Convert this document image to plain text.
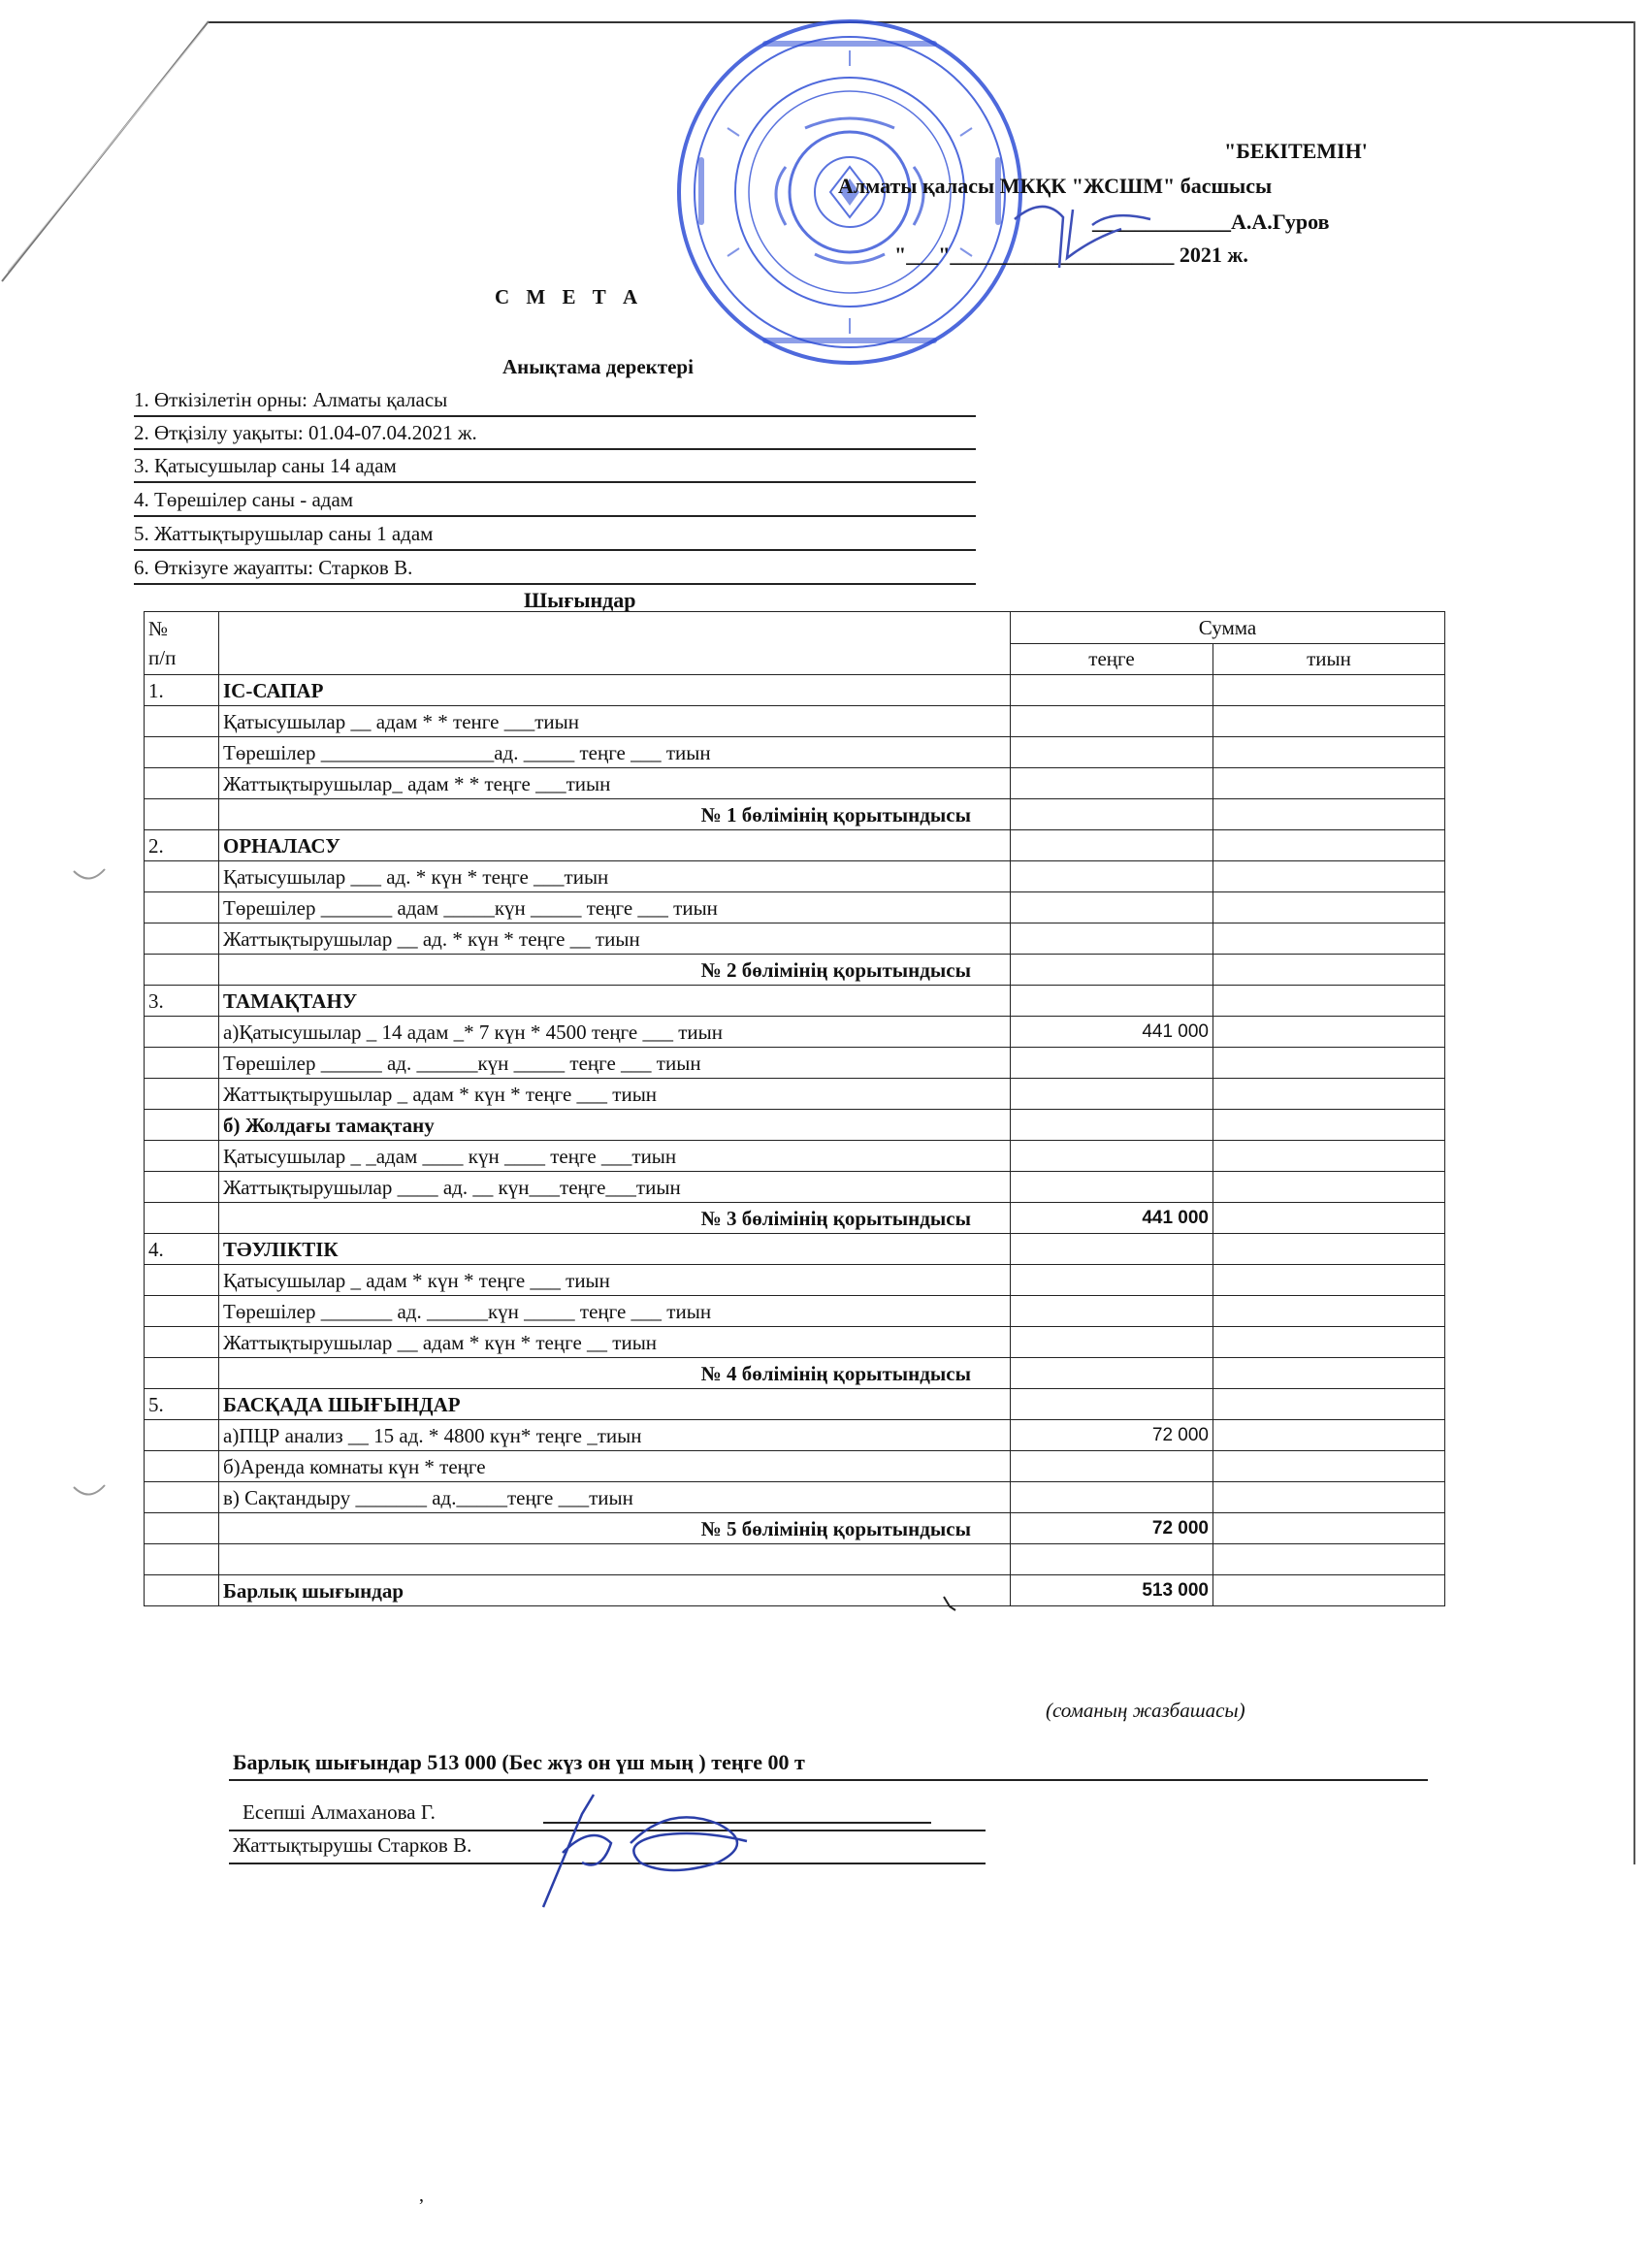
"БЕКІТЕМІН'
Алматы қаласы МКҚК "ЖСШМ" басшысы
_____________А.А.Гуров
"___"_____________________ 2021 ж.
С М Е Т А
Анықтама деректері
1. Өткізілетін орны: Алматы қаласы
2. Өтқізілу уақыты: 01.04-07.04.2021 ж.
3. Қатысушылар саны 14 адам
4. Төрешілер саны - адам
5. Жаттықтырушылар саны 1 адам
6. Өткізуге жауапты: Старков В.
Шығындар
№
п/п		Сумма	
		теңге	тиын
1.	ІС-САПАР		
	Қатысушылар __ адам * * тенге ___тиын		
	Төрешілер _________________ад. _____ теңге ___ тиын		
	Жаттықтырушылар_ адам * * теңге ___тиын		
	№ 1 бөлімінің қорытындысы		
2.	ОРНАЛАСУ		
	Қатысушылар ___ ад. * күн * теңге ___тиын		
	Төрешілер _______ адам _____күн _____ теңге ___ тиын		
	Жаттықтырушылар __ ад. * күн * теңге __ тиын		
	№ 2 бөлімінің қорытындысы		
3.	ТАМАҚТАНУ		
	а)Қатысушылар _ 14 адам _* 7 күн * 4500 теңге ___ тиын	441 000	
	Төрешілер ______ ад. ______күн _____ теңге ___ тиын		
	Жаттықтырушылар _ адам * күн * теңге ___ тиын		
	б) Жолдағы тамақтану		
	Қатысушылар _ _адам ____ күн ____ теңге ___тиын		
	Жаттықтырушылар ____ ад. __ күн___теңге___тиын		
	№ 3 бөлімінің қорытындысы	441 000	
4.	ТӘУЛІКТІК		
	Қатысушылар _ адам * күн * теңге ___ тиын		
	Төрешілер _______ ад. ______күн _____ теңге ___ тиын		
	Жаттықтырушылар __ адам * күн * теңге __ тиын		
	№ 4 бөлімінің қорытындысы		
5.	БАСҚАДА ШЫҒЫНДАР		
	а)ПЦР анализ __ 15 ад. * 4800 күн* теңге _тиын	72 000	
	б)Аренда комнаты күн * теңге		
	в) Сақтандыру _______ ад._____теңге ___тиын		
	№ 5 бөлімінің қорытындысы	72 000	

	Барлық шығындар	513 000	
(соманың жазбашасы)
Барлық шығындар 513 000 (Бес жүз он үш мың ) теңге 00 т
Есепші Алмаханова Г.
Жаттықтырушы Старков В.
,
